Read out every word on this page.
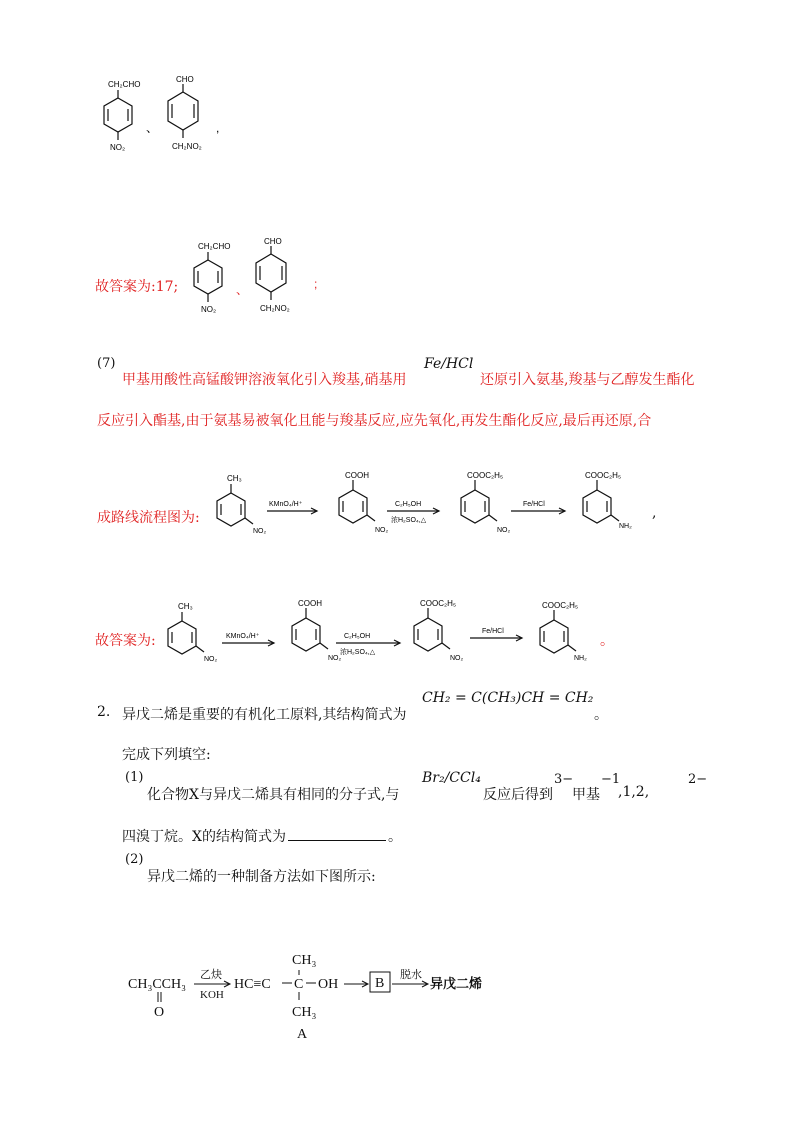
CH₂CHO
NO₂
、
CHO
CH₂NO₂
,
故答案为:17;
CH₂CHO
NO₂
、
CHO
CH₂NO₂
;
(7)
甲基用酸性高锰酸钾溶液氧化引入羧基,硝基用
Fe/HCl
还原引入氨基,羧基与乙醇发生酯化
反应引入酯基,由于氨基易被氧化且能与羧基反应,应先氧化,再发生酯化反应,最后再还原,合
成路线流程图为:
CH₃
NO₂
KMnO₄/H⁺
COOH
NO₂
C₂H₅OH
浓H₂SO₄,△
COOC₂H₅
NO₂
Fe/HCl
COOC₂H₅
NH₂
,
故答案为:
CH₃
NO₂
KMnO₄/H⁺
COOH
NO₂
C₂H₅OH
浓H₂SO₄,△
COOC₂H₅
NO₂
Fe/HCl
COOC₂H₅
NH₂
。
2. 异戊二烯是重要的有机化工原料,其结构简式为
CH₂ = C(CH₃)CH = CH₂
。
完成下列填空:
(1)
化合物X与异戊二烯具有相同的分子式,与
Br₂/CCl₄
反应后得到
3−
甲基
−1
,1,2,
2−
四溴丁烷。X的结构简式为	。
(2)
异戊二烯的一种制备方法如下图所示:
CH₃CCH₃
O
乙炔
KOH
HC≡C C
CH₃
CH₃
OH	B
脱水
异戊二烯
A
